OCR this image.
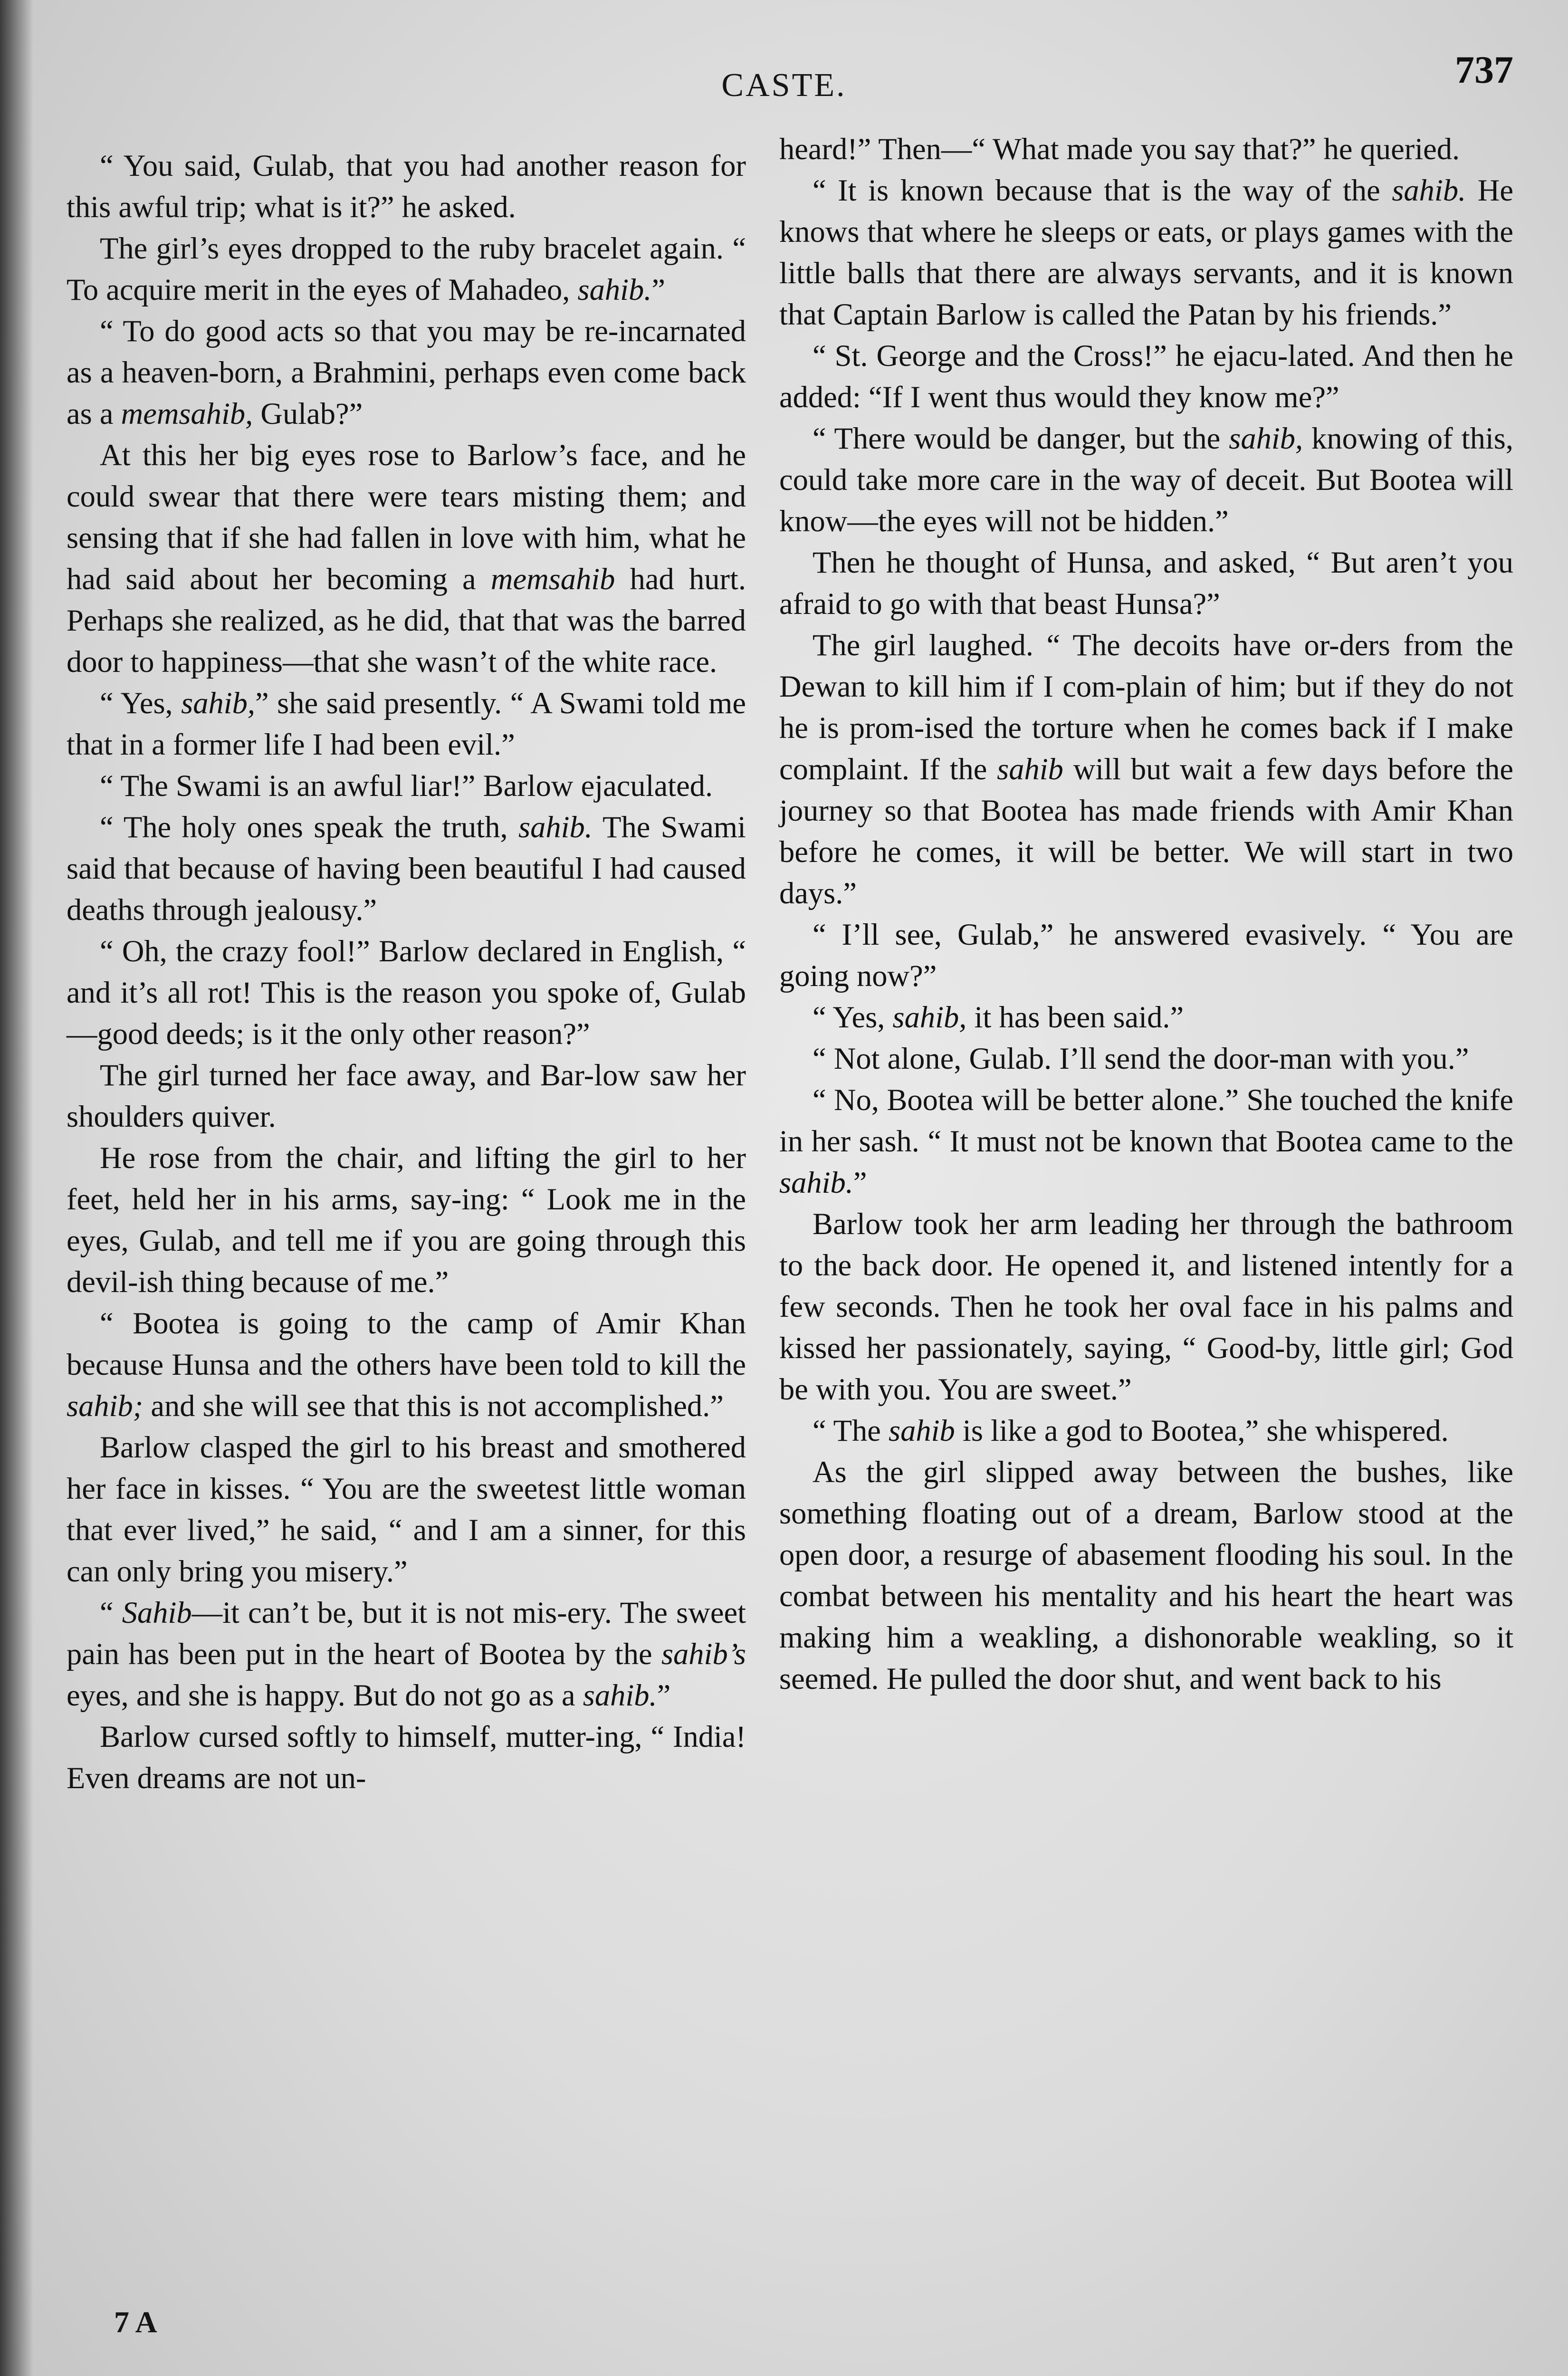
CASTE.	737

“ You said, Gulab, that you had another reason for this awful trip; what is it?” he asked.

The girl’s eyes dropped to the ruby bracelet again. “ To acquire merit in the eyes of Mahadeo, sahib.”

“ To do good acts so that you may be re-incarnated as a heaven-born, a Brahmini, perhaps even come back as a memsahib, Gulab?”

At this her big eyes rose to Barlow’s face, and he could swear that there were tears misting them; and sensing that if she had fallen in love with him, what he had said about her becoming a memsahib had hurt. Perhaps she realized, as he did, that that was the barred door to happiness—that she wasn’t of the white race.

“ Yes, sahib,” she said presently. “ A Swami told me that in a former life I had been evil.”

“ The Swami is an awful liar!” Barlow ejaculated.

“ The holy ones speak the truth, sahib. The Swami said that because of having been beautiful I had caused deaths through jealousy.”

“ Oh, the crazy fool!” Barlow declared in English, “ and it’s all rot! This is the reason you spoke of, Gulab—good deeds; is it the only other reason?”

The girl turned her face away, and Bar-low saw her shoulders quiver.

He rose from the chair, and lifting the girl to her feet, held her in his arms, say-ing: “ Look me in the eyes, Gulab, and tell me if you are going through this devil-ish thing because of me.”

“ Bootea is going to the camp of Amir Khan because Hunsa and the others have been told to kill the sahib; and she will see that this is not accomplished.”

Barlow clasped the girl to his breast and smothered her face in kisses. “ You are the sweetest little woman that ever lived,” he said, “ and I am a sinner, for this can only bring you misery.”

“ Sahib—it can’t be, but it is not mis-ery. The sweet pain has been put in the heart of Bootea by the sahib’s eyes, and she is happy. But do not go as a sahib.”

Barlow cursed softly to himself, mutter-ing, “ India! Even dreams are not un-

heard!” Then—“ What made you say that?” he queried.

“ It is known because that is the way of the sahib. He knows that where he sleeps or eats, or plays games with the little balls that there are always servants, and it is known that Captain Barlow is called the Patan by his friends.”

“ St. George and the Cross!” he ejacu-lated. And then he added: “If I went thus would they know me?”

“ There would be danger, but the sahib, knowing of this, could take more care in the way of deceit. But Bootea will know—the eyes will not be hidden.”

Then he thought of Hunsa, and asked, “ But aren’t you afraid to go with that beast Hunsa?”

The girl laughed. “ The decoits have or-ders from the Dewan to kill him if I com-plain of him; but if they do not he is prom-ised the torture when he comes back if I make complaint. If the sahib will but wait a few days before the journey so that Bootea has made friends with Amir Khan before he comes, it will be better. We will start in two days.”

“ I’ll see, Gulab,” he answered evasively. “ You are going now?”

“ Yes, sahib, it has been said.”

“ Not alone, Gulab. I’ll send the door-man with you.”

“ No, Bootea will be better alone.” She touched the knife in her sash. “ It must not be known that Bootea came to the sahib.”

Barlow took her arm leading her through the bathroom to the back door. He opened it, and listened intently for a few seconds. Then he took her oval face in his palms and kissed her passionately, saying, “ Good-by, little girl; God be with you. You are sweet.”

“ The sahib is like a god to Bootea,” she whispered.

As the girl slipped away between the bushes, like something floating out of a dream, Barlow stood at the open door, a resurge of abasement flooding his soul. In the combat between his mentality and his heart the heart was making him a weakling, a dishonorable weakling, so it seemed. He pulled the door shut, and went back to his

7 A
